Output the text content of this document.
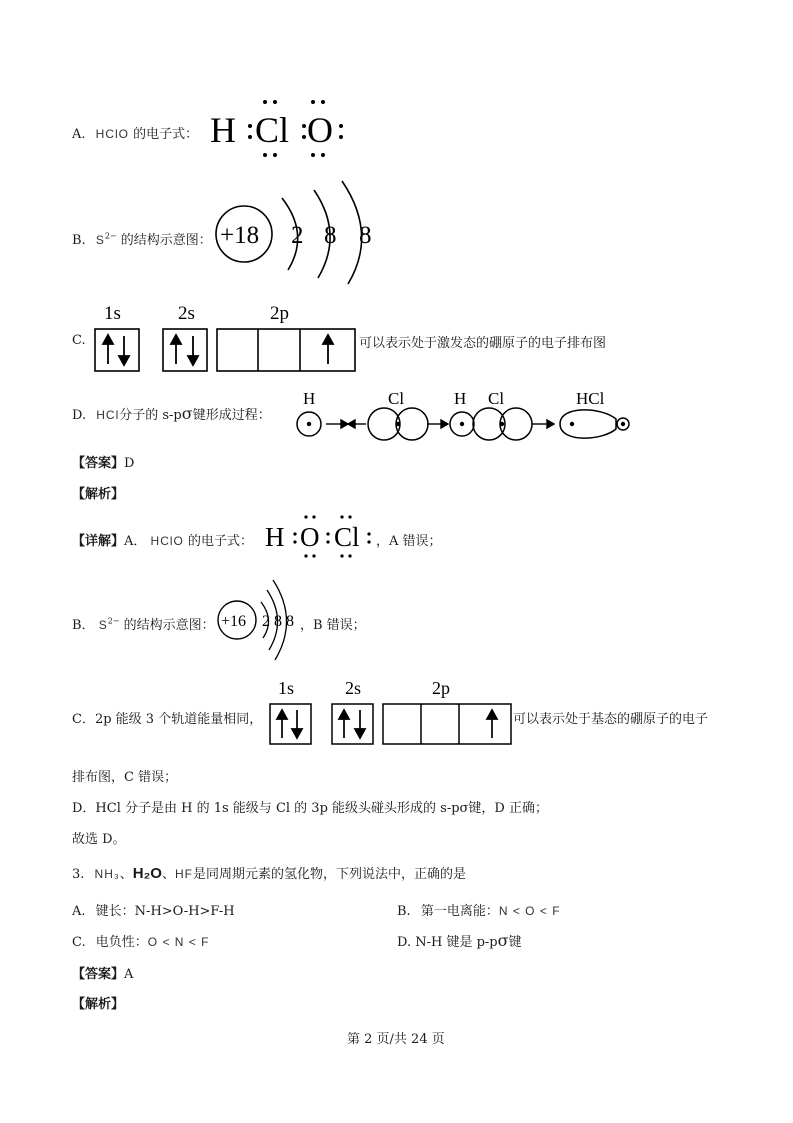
A. HClO 的电子式： H Cl O
B. $S^{2-}$ 的结构示意图： +18 2 8 8
C.
1s	2s	2p
可以表示处于激发态的硼原子的电子排布图
D. HCl分子的 s-pσ键形成过程：
H	Cl	H Cl	HCl
【答案】D
【解析】
【详解】A． HClO 的电子式： H O Cl ，A 错误；
B． $S^{2-}$ 的结构示意图： +16 2 8 8 ，B 错误；
C．2p 能级 3 个轨道能量相同，
1s	2s	2p
可以表示处于基态的硼原子的电子
排布图，C 错误；
D．HCl 分子是由 H 的 1s 能级与 Cl 的 3p 能级头碰头形成的 s-pσ键，D 正确；
故选 D。
3. NH₃、H₂O、HF是同周期元素的氢化物，下列说法中，正确的是
A. 键长：N-H>O-H>F-H	B. 第一电离能：N < O < F
C. 电负性：O < N < F	D. N-H 键是 p-pσ键
【答案】A
【解析】
第 2 页/共 24 页
